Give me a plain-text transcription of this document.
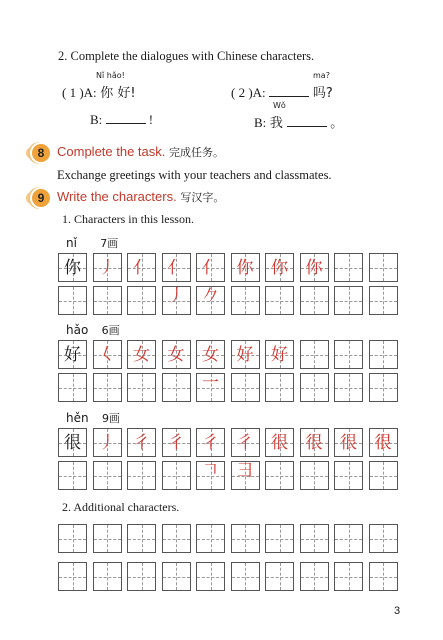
2. Complete the dialogues with Chinese characters.
Nǐ hǎo!
( 1 )A: 你 好!
B:	!
ma?
( 2 )A:	吗?
Wǒ
B: 我	。
8 Complete the task. 完成任务。
Exchange greetings with your teachers and classmates.
9 Write the characters. 写汉字。
1. Characters in this lesson.
nǐ 7画
hǎo 6画
hěn 9画
2. Additional characters.
你 丿 亻 亻丿
亻𠂊
你 你 你
好 𡿨 女 女 女一
好 好
很 丿 彳 彳 彳𠃍
彳彐
很 很 很 很
3
